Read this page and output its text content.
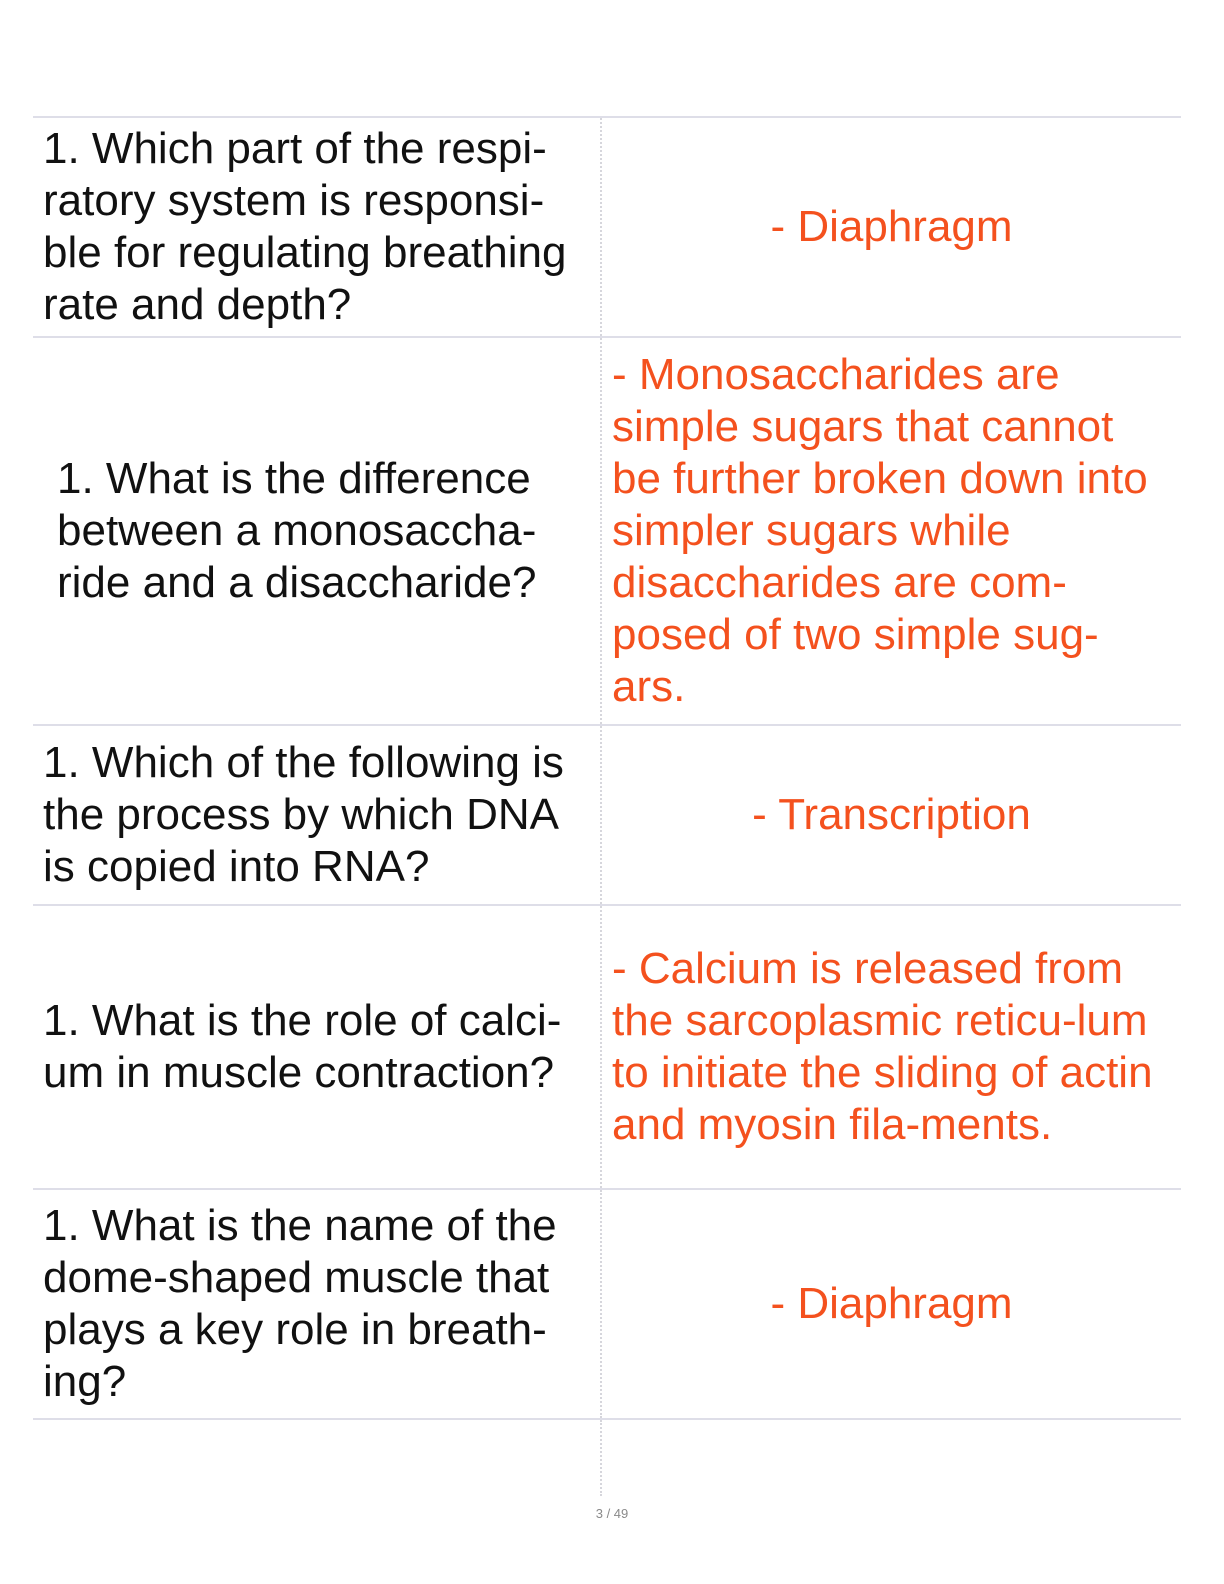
1. Which part of the respi-ratory system is responsi-ble for regulating breathing rate and depth?
- Diaphragm
1. What is the difference between a monosaccha-ride and a disaccharide?
- Monosaccharides are simple sugars that cannot be further broken down into simpler sugars while disaccharides are com-posed of two simple sug-ars.
1. Which of the following is the process by which DNA is copied into RNA?
- Transcription
1. What is the role of calci-um in muscle contraction?
- Calcium is released from the sarcoplasmic reticu-lum to initiate the sliding of actin and myosin fila-ments.
1. What is the name of the dome-shaped muscle that plays a key role in breath-ing?
- Diaphragm
3 / 49
